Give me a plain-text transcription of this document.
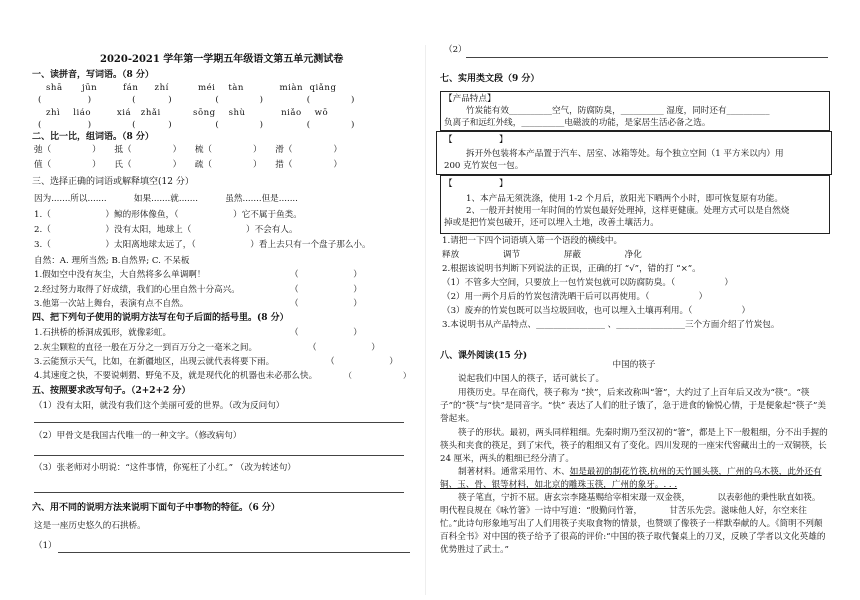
2020-2021 学年第一学期五年级语文第五单元测试卷
一、读拼音，写词语。（8 分）
shā      jūn        fán     zhí         méi    tàn           miàn  qiǎng
(                 )               (            )                (               )                (               )
zhì    liáo        xiá   zhǎi          sōng    shù           niǎo    wō
(                 )               (            )                (               )                (               )
二、比一比，组词语。（8 分）
弛（               ）     抵（               ）     梳（               ）     滑（               ）
值（               ）     氏（               ）     疏（               ）     措（               ）
三、选择正确的词语或解释填空(12 分）
因为.......所以.......          如果.......就.......          虽然.......但是.......
1.（                    ）鲸的形体像鱼，（                    ）它不属于鱼类。
2.（                    ）没有太阳，地球上（                    ）不会有人。
3.（                    ）太阳离地球太远了，（                    ）看上去只有一个盘子那么小。
自然：A. 理所当然; B.自然界; C. 不呆板
1.假如空中没有灰尘，大自然将多么单调啊！	（                    ）
2.经过努力取得了好成绩，我们的心里自然十分高兴。	（                    ）
3.他第一次站上舞台，表演有点不自然。	（                    ）
四、把下列句子使用的说明方法写在句子后面的括号里。(8 分）
1.石拱桥的桥洞成弧形，就像彩虹。	（                    ）
2.灰尘颗粒的直径一般在万分之一到百万分之一毫米之间。	（                    ）
3.云能预示天气，比如，在新疆地区，出现云就代表将要下雨。	（                    ）
4.其速度之快，不要说刺猬、野兔不及，就是现代化的机器也未必那么快。	（                    ）
五、按照要求改写句子。（2+2+2 分）
（1）没有太阳，就没有我们这个美丽可爱的世界。（改为反问句）
（2）甲骨文是我国古代唯一的一种文字。（修改病句）
（3）张老师对小明说：“这件事情，你冤枉了小红。” （改为转述句）
六、用不同的说明方法来说明下面句子中事物的特征。（6 分）
这是一座历史悠久的石拱桥。
（1）
（2）
七、实用类文段（9 分）
【产品特点】
竹炭能有效__________空气，防腐防臭，__________ 湿度，同时还有__________
负离子和远红外线，__________电磁波的功能，是家居生活必备之选。
【                 】
拆开外包装将本产品置于汽车、居室、冰箱等处。每个独立空间（1 平方米以内）用
200 克竹炭包一包。
【                 】
1、本产品无须洗涤，使用 1-2 个月后，放阳光下晒两个小时，即可恢复原有功能。
2、一般开封使用一年时间的竹炭包最好处理掉，这样更健康。处理方式可以是自然烧
掉或是把竹炭包破开，还可以埋入土地，改善土壤活力。
1.请把一下四个词语填入第一个语段的横线中。
释放                调节                屏蔽                净化
2.根据该说明书判断下列说法的正误，正确的打 “√”，错的打 “×”。
（1）不管多大空间，只要放上一包竹炭包就可以防腐防臭。（                  ）
（2）用一两个月后的竹炭包清洗晒干后可以再使用。（                  ）
（3）废弃的竹炭包既可以当垃圾回收，也可以埋入土壤再利用。（                  ）
3.本说明书从产品特点、________________ 、________________三个方面介绍了竹炭包。
八、课外阅读(15 分)
中国的筷子
说起我们中国人的筷子，话可就长了。
用筷历史。早在商代，筷子称为 “挟”，后来改称叫“箸”，大约过了上百年后又改为“筷”。“筷子”的“筷”与“快”是同音字。“快” 表达了人们的肚子饿了，急于进食的愉悦心情，于是便象起“筷子”美誉起来。
筷子的形状。最初，两头同样粗细。先秦时期乃至汉初的“箸”，都是上下一般粗细，分不出手握的筷头和夹食的筷足，到了宋代，筷子的粗细又有了变化。四川发现的一座宋代窖藏出土的一双铜筷，长 24 厘米，两头的粗细已经分清了。
制著材料。通常采用竹、木、如是最初的制花竹筷,杭州的天竹圆头筷，广州的乌木筷，此外还有铜、玉、骨、银等材料，如北京的雕珠玉筷，广州的象牙。. . .
筷子笔直，宁折不屈。唐玄宗李隆基赐给宰相宋璟一双金筷，          以表彰他的秉性耿直如筷。明代程良规在《咏竹箸》一诗中写道：“殷勤问竹箸，          甘苦乐先尝。滋味他人好，尔空来往忙。”此诗句形象地写出了人们用筷子夹取食物的情景，也赞颂了像筷子一样默奉献的人。《简明不列颠百科全书》对中国的筷子给予了很高的评价:“中国的筷子取代餐桌上的刀叉，反映了学者以文化英雄的优势胜过了武士。”
